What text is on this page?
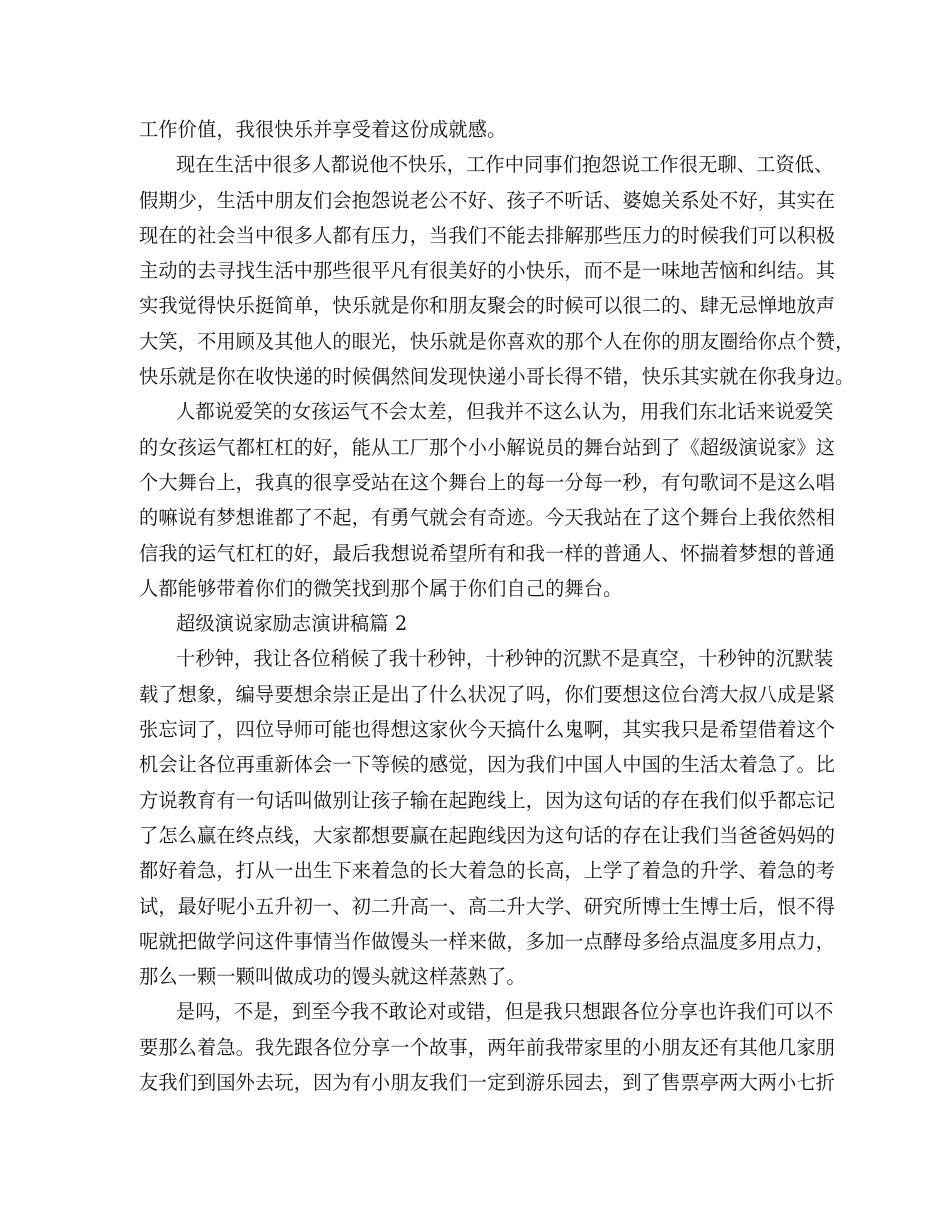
工作价值，我很快乐并享受着这份成就感。
现在生活中很多人都说他不快乐，工作中同事们抱怨说工作很无聊、工资低、
假期少，生活中朋友们会抱怨说老公不好、孩子不听话、婆媳关系处不好，其实在
现在的社会当中很多人都有压力，当我们不能去排解那些压力的时候我们可以积极
主动的去寻找生活中那些很平凡有很美好的小快乐，而不是一味地苦恼和纠结。其
实我觉得快乐挺简单，快乐就是你和朋友聚会的时候可以很二的、肆无忌惮地放声
大笑，不用顾及其他人的眼光，快乐就是你喜欢的那个人在你的朋友圈给你点个赞，
快乐就是你在收快递的时候偶然间发现快递小哥长得不错，快乐其实就在你我身边。
人都说爱笑的女孩运气不会太差，但我并不这么认为，用我们东北话来说爱笑
的女孩运气都杠杠的好，能从工厂那个小小解说员的舞台站到了《超级演说家》这
个大舞台上，我真的很享受站在这个舞台上的每一分每一秒，有句歌词不是这么唱
的嘛说有梦想谁都了不起，有勇气就会有奇迹。今天我站在了这个舞台上我依然相
信我的运气杠杠的好，最后我想说希望所有和我一样的普通人、怀揣着梦想的普通
人都能够带着你们的微笑找到那个属于你们自己的舞台。
超级演说家励志演讲稿篇 2
十秒钟，我让各位稍候了我十秒钟，十秒钟的沉默不是真空，十秒钟的沉默装
载了想象，编导要想余崇正是出了什么状况了吗，你们要想这位台湾大叔八成是紧
张忘词了，四位导师可能也得想这家伙今天搞什么鬼啊，其实我只是希望借着这个
机会让各位再重新体会一下等候的感觉，因为我们中国人中国的生活太着急了。比
方说教育有一句话叫做别让孩子输在起跑线上，因为这句话的存在我们似乎都忘记
了怎么赢在终点线，大家都想要赢在起跑线因为这句话的存在让我们当爸爸妈妈的
都好着急，打从一出生下来着急的长大着急的长高，上学了着急的升学、着急的考
试，最好呢小五升初一、初二升高一、高二升大学、研究所博士生博士后，恨不得
呢就把做学问这件事情当作做馒头一样来做，多加一点酵母多给点温度多用点力，
那么一颗一颗叫做成功的馒头就这样蒸熟了。
是吗，不是，到至今我不敢论对或错，但是我只想跟各位分享也许我们可以不
要那么着急。我先跟各位分享一个故事，两年前我带家里的小朋友还有其他几家朋
友我们到国外去玩，因为有小朋友我们一定到游乐园去，到了售票亭两大两小七折
